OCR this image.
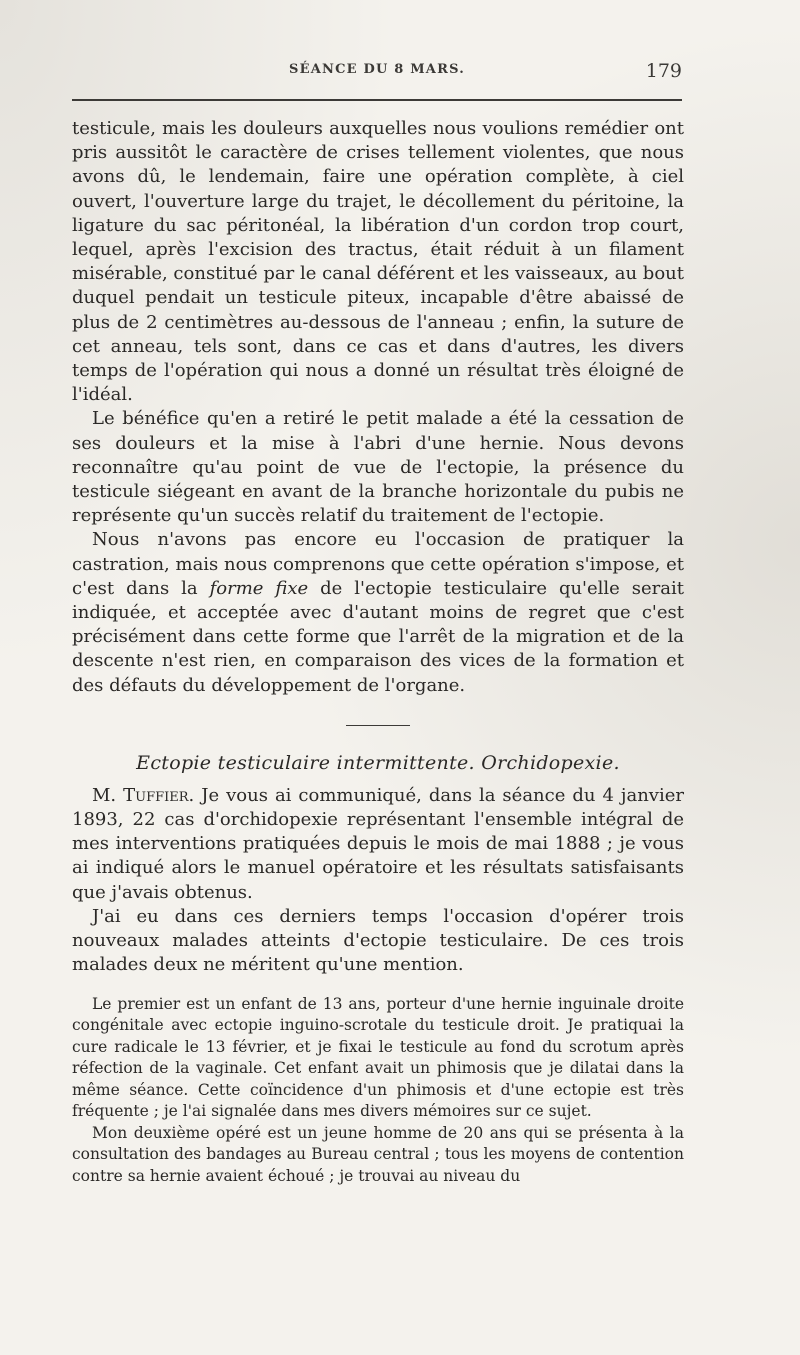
SÉANCE DU 8 MARS.	179

testicule, mais les douleurs auxquelles nous voulions remédier ont pris aussitôt le caractère de crises tellement violentes, que nous avons dû, le lendemain, faire une opération complète, à ciel ouvert, l'ouverture large du trajet, le décollement du péritoine, la ligature du sac péritonéal, la libération d'un cordon trop court, lequel, après l'excision des tractus, était réduit à un filament misérable, constitué par le canal déférent et les vaisseaux, au bout duquel pendait un testicule piteux, incapable d'être abaissé de plus de 2 centimètres au-dessous de l'anneau ; enfin, la suture de cet anneau, tels sont, dans ce cas et dans d'autres, les divers temps de l'opération qui nous a donné un résultat très éloigné de l'idéal.

Le bénéfice qu'en a retiré le petit malade a été la cessation de ses douleurs et la mise à l'abri d'une hernie. Nous devons reconnaître qu'au point de vue de l'ectopie, la présence du testicule siégeant en avant de la branche horizontale du pubis ne représente qu'un succès relatif du traitement de l'ectopie.

Nous n'avons pas encore eu l'occasion de pratiquer la castration, mais nous comprenons que cette opération s'impose, et c'est dans la forme fixe de l'ectopie testiculaire qu'elle serait indiquée, et acceptée avec d'autant moins de regret que c'est précisément dans cette forme que l'arrêt de la migration et de la descente n'est rien, en comparaison des vices de la formation et des défauts du développement de l'organe.

Ectopie testiculaire intermittente. Orchidopexie.

M. Tuffier. Je vous ai communiqué, dans la séance du 4 janvier 1893, 22 cas d'orchidopexie représentant l'ensemble intégral de mes interventions pratiquées depuis le mois de mai 1888 ; je vous ai indiqué alors le manuel opératoire et les résultats satisfaisants que j'avais obtenus.

J'ai eu dans ces derniers temps l'occasion d'opérer trois nouveaux malades atteints d'ectopie testiculaire. De ces trois malades deux ne méritent qu'une mention.

Le premier est un enfant de 13 ans, porteur d'une hernie inguinale droite congénitale avec ectopie inguino-scrotale du testicule droit. Je pratiquai la cure radicale le 13 février, et je fixai le testicule au fond du scrotum après réfection de la vaginale. Cet enfant avait un phimosis que je dilatai dans la même séance. Cette coïncidence d'un phimosis et d'une ectopie est très fréquente ; je l'ai signalée dans mes divers mémoires sur ce sujet.

Mon deuxième opéré est un jeune homme de 20 ans qui se présenta à la consultation des bandages au Bureau central ; tous les moyens de contention contre sa hernie avaient échoué ; je trouvai au niveau du
